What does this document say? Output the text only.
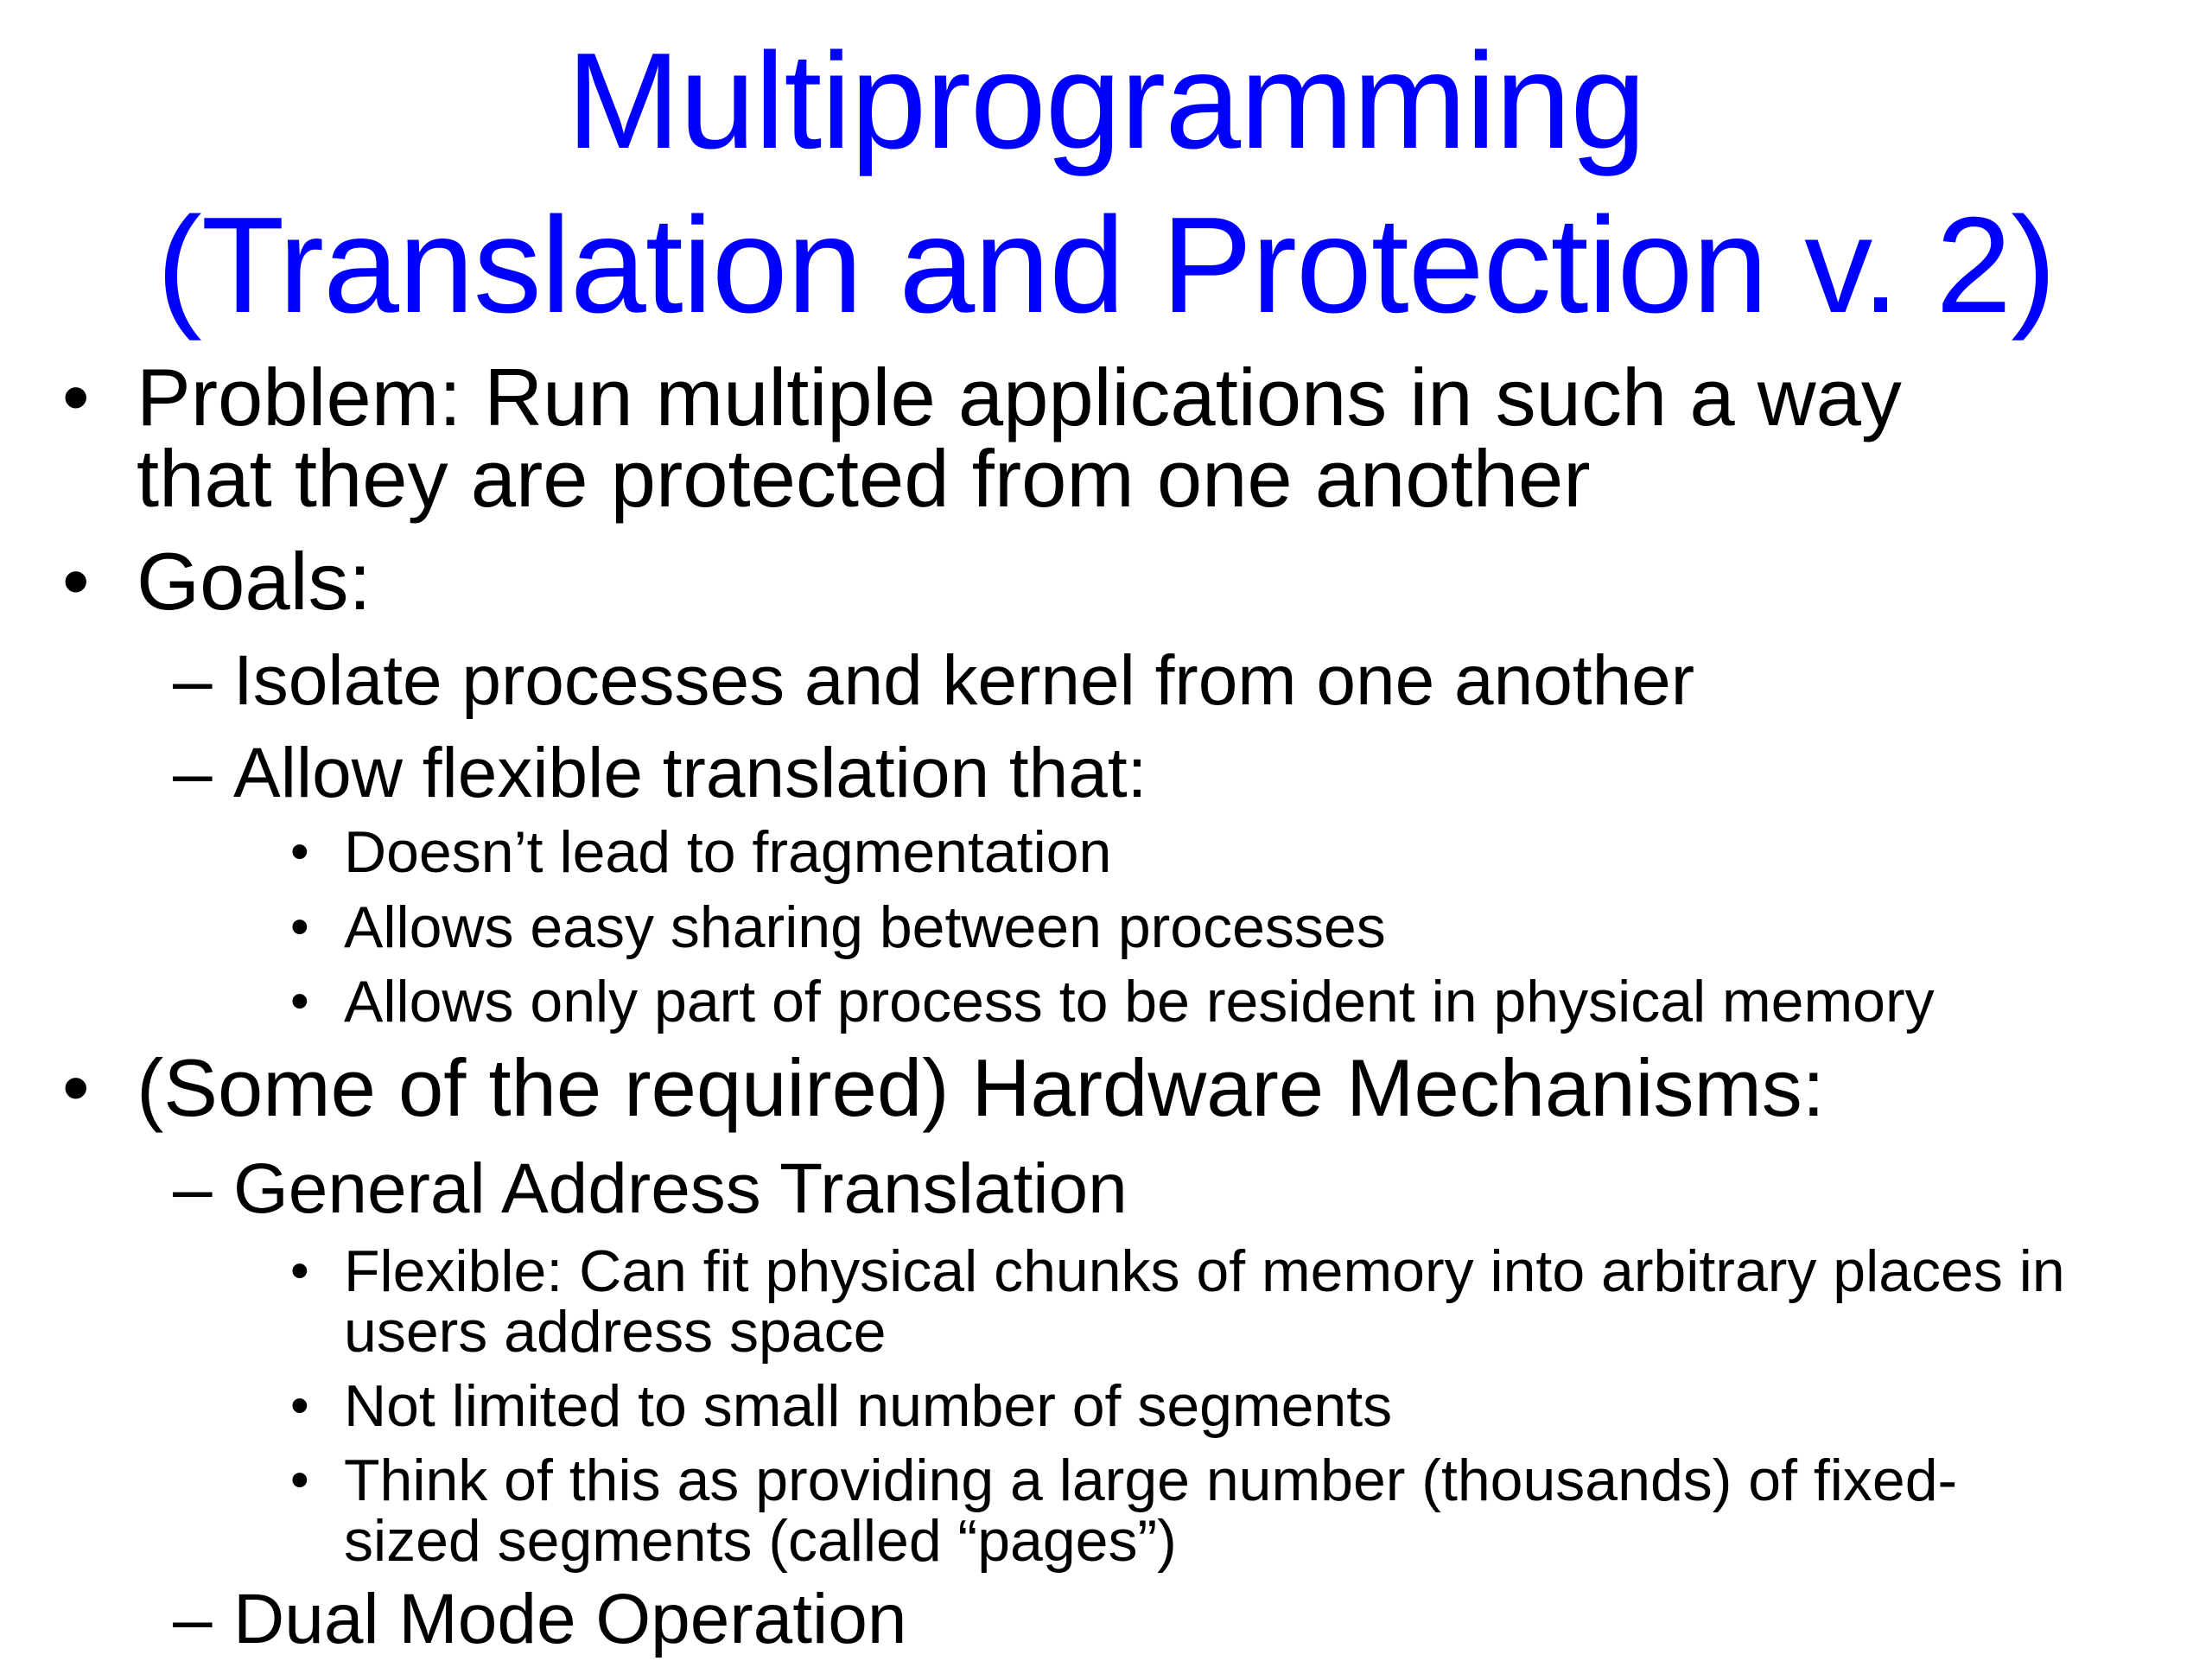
Multiprogramming
(Translation and Protection v. 2)
• Problem: Run multiple applications in such a way
that they are protected from one another
• Goals:
– Isolate processes and kernel from one another
– Allow flexible translation that:
• Doesn’t lead to fragmentation
• Allows easy sharing between processes
• Allows only part of process to be resident in physical memory
• (Some of the required) Hardware Mechanisms:
– General Address Translation
• Flexible: Can fit physical chunks of memory into arbitrary places in
users address space
• Not limited to small number of segments
• Think of this as providing a large number (thousands) of fixed-
sized segments (called “pages”)
– Dual Mode Operation
